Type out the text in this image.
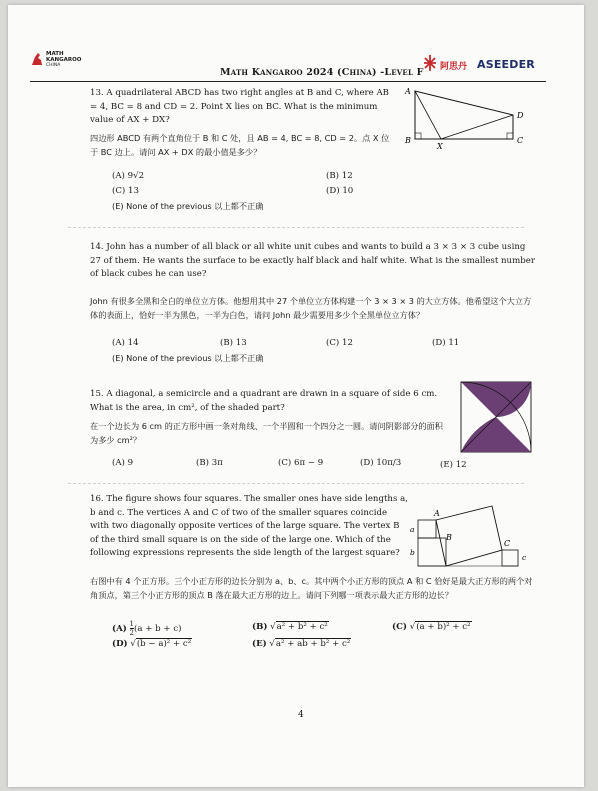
MATH
KANGAROO
CHINA
Math Kangaroo 2024 (China) -Level F 阿思丹 ASEEDER
13. A quadrilateral ABCD has two right angles at B and C, where AB = 4, BC = 8 and CD = 2. Point X lies on BC. What is the minimum value of AX + DX?
四边形 ABCD 有两个直角位于 B 和 C 处，且 AB = 4, BC = 8, CD = 2。点 X 位于 BC 边上。请问 AX + DX 的最小值是多少？
A
B	C
D
X
(A) 9√2	(B) 12
(C) 13	(D) 10
(E) None of the previous 以上都不正确
14. John has a number of all black or all white unit cubes and wants to build a 3 × 3 × 3 cube using 27 of them. He wants the surface to be exactly half black and half white. What is the smallest number of black cubes he can use?
John 有很多全黑和全白的单位立方体。他想用其中 27 个单位立方体构建一个 3 × 3 × 3 的大立方体。他希望这个大立方体的表面上，恰好一半为黑色，一半为白色，请问 John 最少需要用多少个全黑单位立方体？
(A) 14	(B) 13	(C) 12	(D) 11
(E) None of the previous 以上都不正确
15. A diagonal, a semicircle and a quadrant are drawn in a square of side 6 cm. What is the area, in cm², of the shaded part?
在一个边长为 6 cm 的正方形中画一条对角线、一个半圆和一个四分之一圆。请问阴影部分的面积为多少 cm²？
(A) 9	(B) 3π	(C) 6π − 9	(D) 10π/3	(E) 12
16. The figure shows four squares. The smaller ones have side lengths a, b and c. The vertices A and C of two of the smaller squares coincide with two diagonally opposite vertices of the large square. The vertex B of the third small square is on the side of the large one. Which of the following expressions represents the side length of the largest square?
A
B
C
a
b
c
右图中有 4 个正方形。三个小正方形的边长分别为 a、b、c。其中两个小正方形的顶点 A 和 C 恰好是最大正方形的两个对角顶点，第三个小正方形的顶点 B 落在最大正方形的边上。请问下列哪一项表示最大正方形的边长？
$(A) \frac{1}{2} (a + b + c)$	(B) √a² + b² + c²	(C) √(a + b)² + c²
(D) √(b − a)² + c²	(E) √a² + ab + b² + c²
4
